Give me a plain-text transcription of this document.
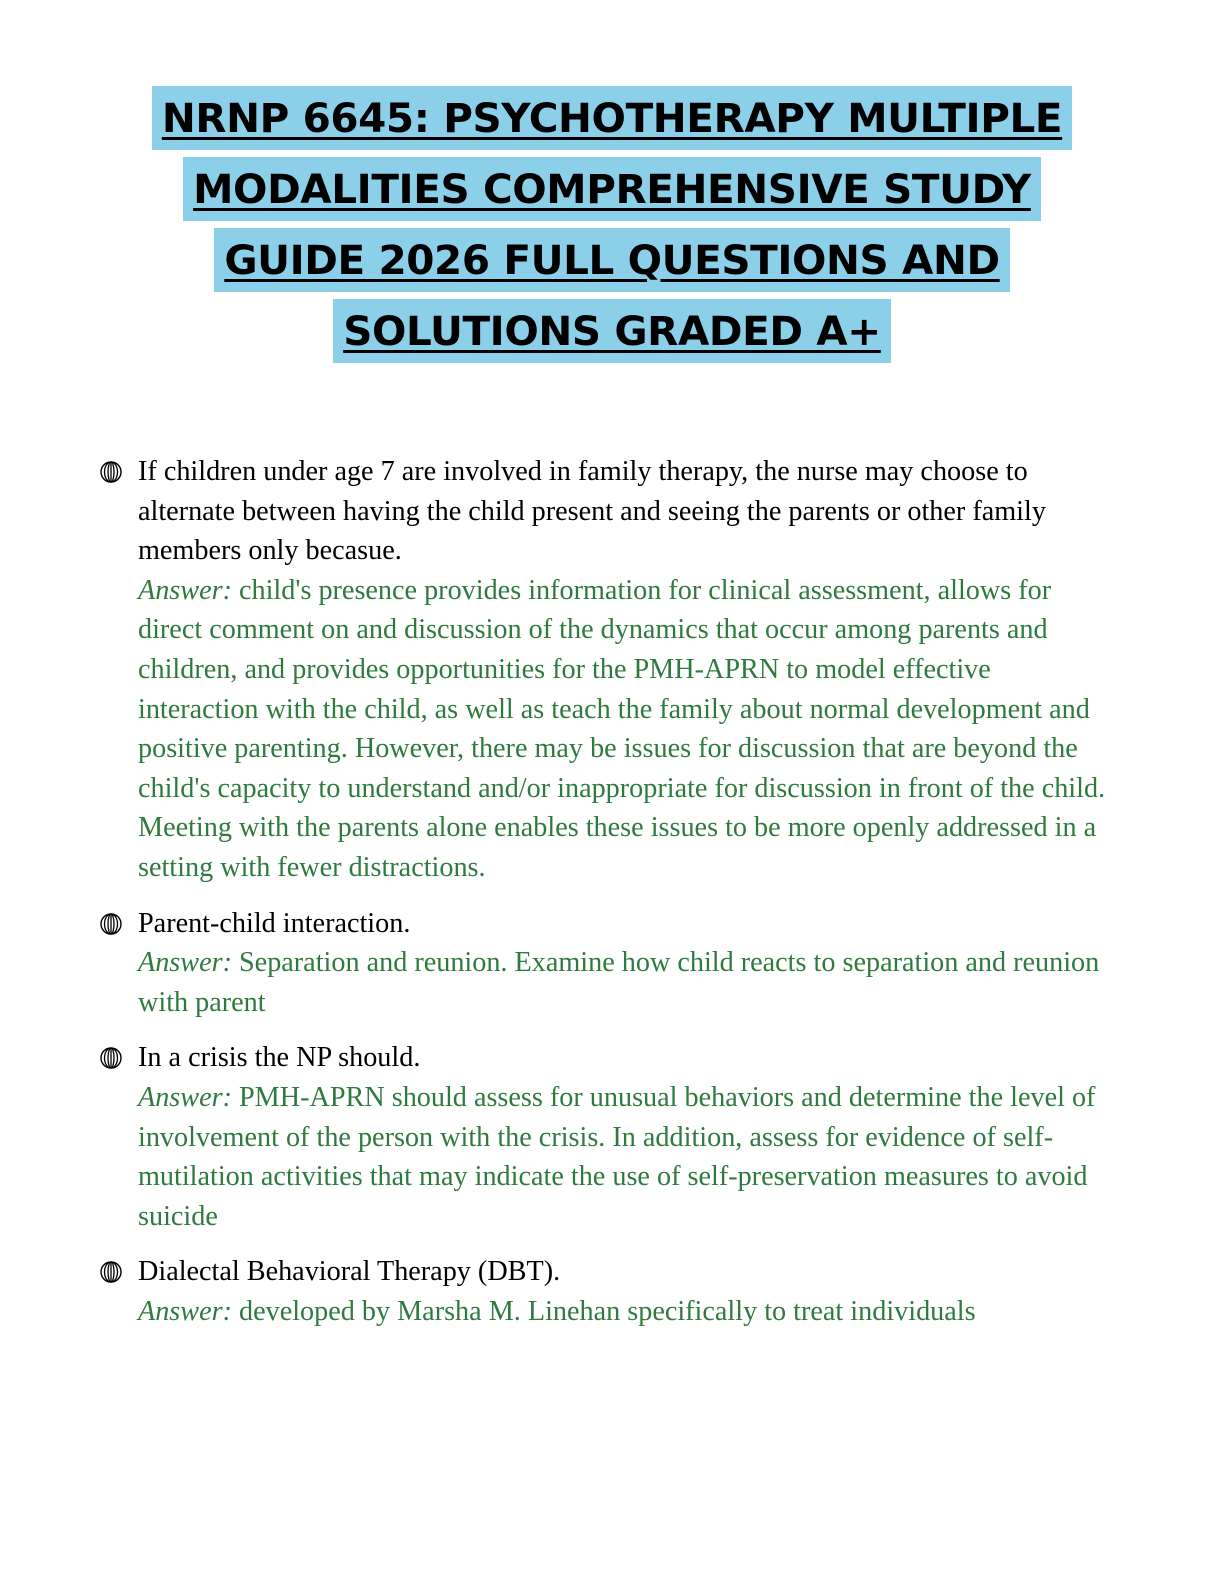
NRNP 6645: PSYCHOTHERAPY MULTIPLE
MODALITIES COMPREHENSIVE STUDY
GUIDE 2026 FULL QUESTIONS AND
SOLUTIONS GRADED A+
If children under age 7 are involved in family therapy, the nurse may choose to alternate between having the child present and seeing the parents or other family members only becasue.
Answer: child's presence provides information for clinical assessment, allows for direct comment on and discussion of the dynamics that occur among parents and children, and provides opportunities for the PMH-APRN to model effective interaction with the child, as well as teach the family about normal development and positive parenting. However, there may be issues for discussion that are beyond the child's capacity to understand and/or inappropriate for discussion in front of the child. Meeting with the parents alone enables these issues to be more openly addressed in a setting with fewer distractions.
Parent-child interaction.
Answer: Separation and reunion. Examine how child reacts to separation and reunion with parent
In a crisis the NP should.
Answer: PMH-APRN should assess for unusual behaviors and determine the level of involvement of the person with the crisis. In addition, assess for evidence of self-mutilation activities that may indicate the use of self-preservation measures to avoid suicide
Dialectal Behavioral Therapy (DBT).
Answer: developed by Marsha M. Linehan specifically to treat individuals
